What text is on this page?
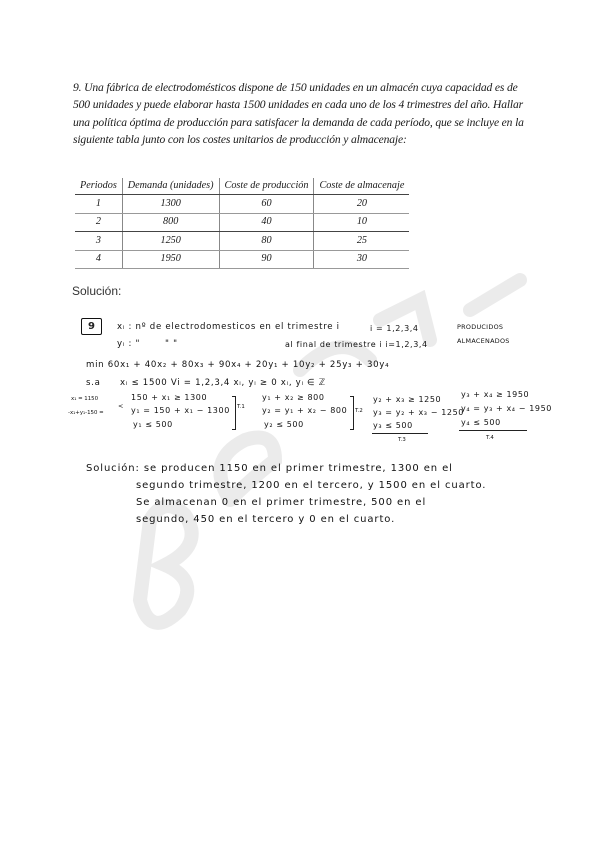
9. Una fábrica de electrodomésticos dispone de 150 unidades en un almacén cuya capacidad es de 500 unidades y puede elaborar hasta 1500 unidades en cada uno de los 4 trimestres del año. Hallar una política óptima de producción para satisfacer la demanda de cada período, que se incluye en la siguiente tabla junto con los costes unitarios de producción y almacenaje:
Periodos	Demanda (unidades)	Coste de producción	Coste de almacenaje
1	1300	60	20
2	800	40	10
3	1250	80	25
4	1950	90	30
Solución:
9	xᵢ : nº de electrodomesticos en el trimestre i	i = 1,2,3,4	PRODUCIDOS
yᵢ : "	" "	al final de trimestre i i=1,2,3,4	ALMACENADOS
min 60x₁ + 40x₂ + 80x₃ + 90x₄ + 20y₁ + 10y₂ + 25y₃ + 30y₄
s.a xᵢ ≤ 1500 Vi = 1,2,3,4 xᵢ, yᵢ ≥ 0 xᵢ, yᵢ ∈ ℤ
x₁ = 1150
-x₁+y₁-150 =
<
150 + x₁ ≥ 1300
y₁ = 150 + x₁ − 1300
y₁ ≤ 500
T.1
y₁ + x₂ ≥ 800
y₂ = y₁ + x₂ − 800
y₂ ≤ 500
T.2
y₂ + x₃ ≥ 1250
y₃ = y₂ + x₃ − 1250
y₃ ≤ 500
T.3
y₃ + x₄ ≥ 1950
y₄ = y₃ + x₄ − 1950
y₄ ≤ 500
T.4
Solución: se producen 1150 en el primer trimestre, 1300 en el
segundo trimestre, 1200 en el tercero, y 1500 en el cuarto.
Se almacenan 0 en el primer trimestre, 500 en el
segundo, 450 en el tercero y 0 en el cuarto.
